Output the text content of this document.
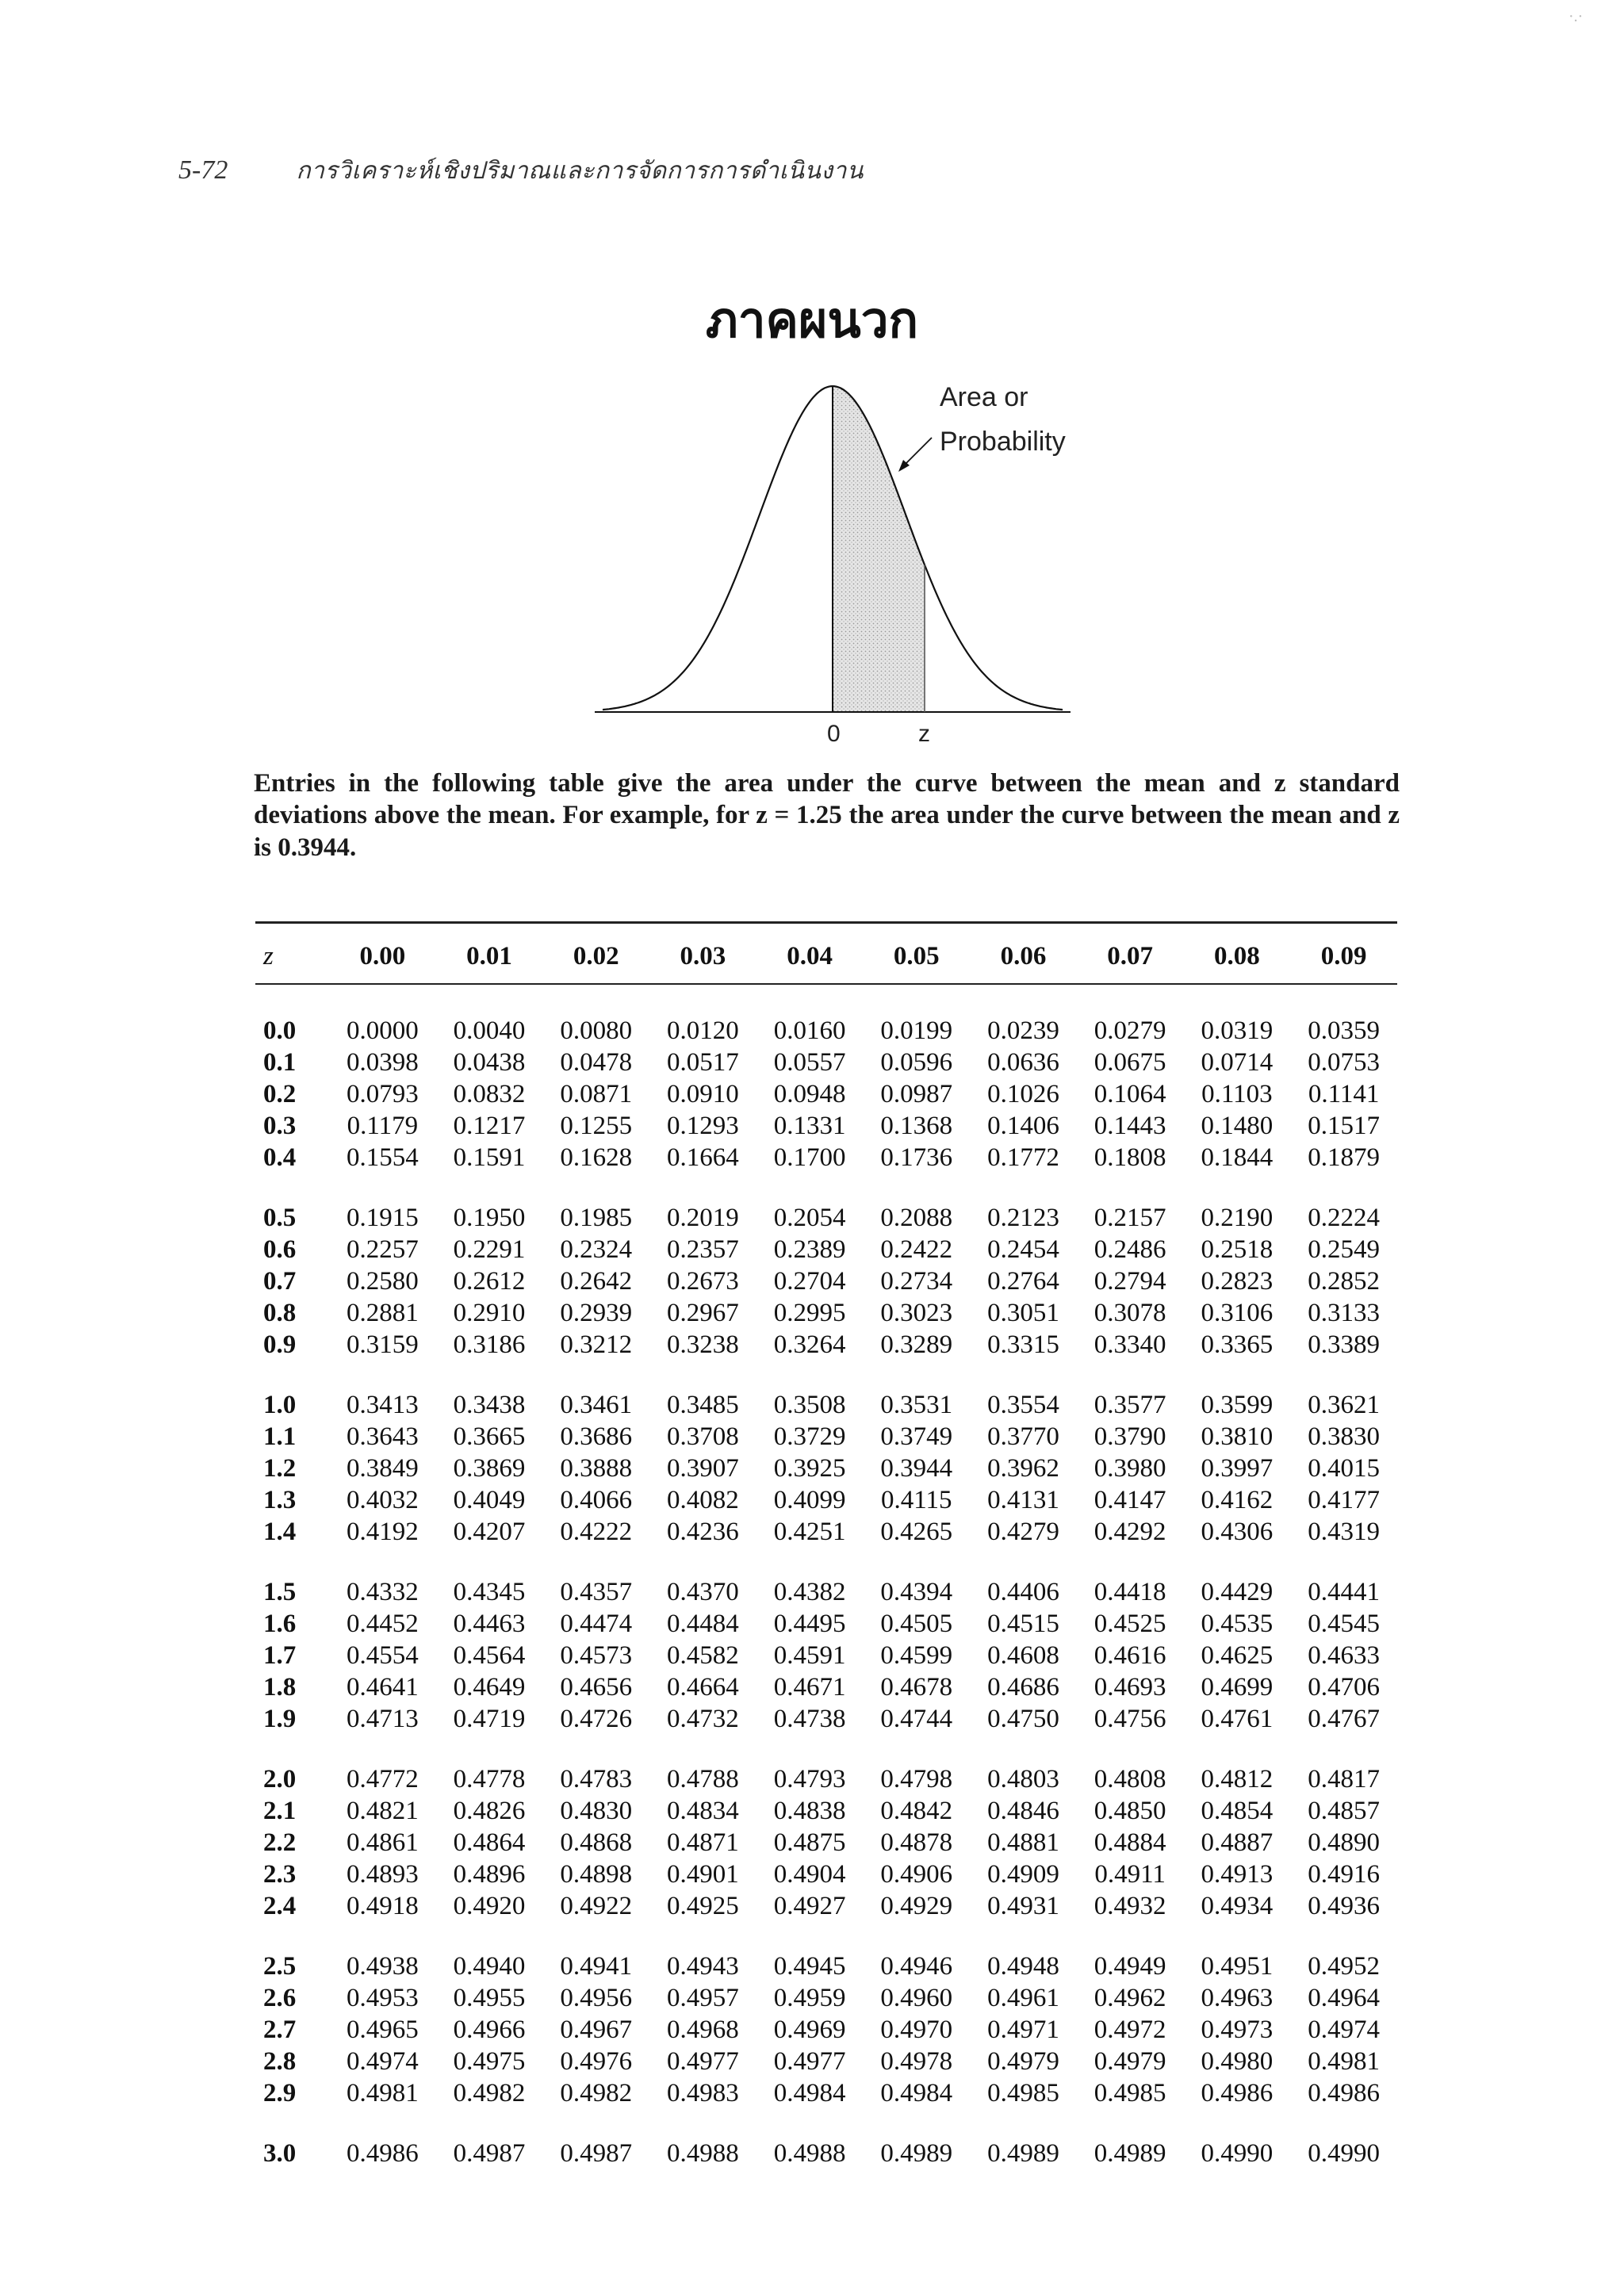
5-72	การวิเคราะห์เชิงปริมาณและการจัดการการดำเนินงาน
·.·
ภาคผนวก
Area or
Probability
0	z
Entries in the following table give the area under the curve between the mean and z standard deviations above the mean. For example, for z = 1.25 the area under the curve between the mean and z is 0.3944.
z	0.00	0.01	0.02	0.03	0.04	0.05	0.06	0.07	0.08	0.09

0.0	0.0000	0.0040	0.0080	0.0120	0.0160	0.0199	0.0239	0.0279	0.0319	0.0359
0.1	0.0398	0.0438	0.0478	0.0517	0.0557	0.0596	0.0636	0.0675	0.0714	0.0753
0.2	0.0793	0.0832	0.0871	0.0910	0.0948	0.0987	0.1026	0.1064	0.1103	0.1141
0.3	0.1179	0.1217	0.1255	0.1293	0.1331	0.1368	0.1406	0.1443	0.1480	0.1517
0.4	0.1554	0.1591	0.1628	0.1664	0.1700	0.1736	0.1772	0.1808	0.1844	0.1879

0.5	0.1915	0.1950	0.1985	0.2019	0.2054	0.2088	0.2123	0.2157	0.2190	0.2224
0.6	0.2257	0.2291	0.2324	0.2357	0.2389	0.2422	0.2454	0.2486	0.2518	0.2549
0.7	0.2580	0.2612	0.2642	0.2673	0.2704	0.2734	0.2764	0.2794	0.2823	0.2852
0.8	0.2881	0.2910	0.2939	0.2967	0.2995	0.3023	0.3051	0.3078	0.3106	0.3133
0.9	0.3159	0.3186	0.3212	0.3238	0.3264	0.3289	0.3315	0.3340	0.3365	0.3389

1.0	0.3413	0.3438	0.3461	0.3485	0.3508	0.3531	0.3554	0.3577	0.3599	0.3621
1.1	0.3643	0.3665	0.3686	0.3708	0.3729	0.3749	0.3770	0.3790	0.3810	0.3830
1.2	0.3849	0.3869	0.3888	0.3907	0.3925	0.3944	0.3962	0.3980	0.3997	0.4015
1.3	0.4032	0.4049	0.4066	0.4082	0.4099	0.4115	0.4131	0.4147	0.4162	0.4177
1.4	0.4192	0.4207	0.4222	0.4236	0.4251	0.4265	0.4279	0.4292	0.4306	0.4319

1.5	0.4332	0.4345	0.4357	0.4370	0.4382	0.4394	0.4406	0.4418	0.4429	0.4441
1.6	0.4452	0.4463	0.4474	0.4484	0.4495	0.4505	0.4515	0.4525	0.4535	0.4545
1.7	0.4554	0.4564	0.4573	0.4582	0.4591	0.4599	0.4608	0.4616	0.4625	0.4633
1.8	0.4641	0.4649	0.4656	0.4664	0.4671	0.4678	0.4686	0.4693	0.4699	0.4706
1.9	0.4713	0.4719	0.4726	0.4732	0.4738	0.4744	0.4750	0.4756	0.4761	0.4767

2.0	0.4772	0.4778	0.4783	0.4788	0.4793	0.4798	0.4803	0.4808	0.4812	0.4817
2.1	0.4821	0.4826	0.4830	0.4834	0.4838	0.4842	0.4846	0.4850	0.4854	0.4857
2.2	0.4861	0.4864	0.4868	0.4871	0.4875	0.4878	0.4881	0.4884	0.4887	0.4890
2.3	0.4893	0.4896	0.4898	0.4901	0.4904	0.4906	0.4909	0.4911	0.4913	0.4916
2.4	0.4918	0.4920	0.4922	0.4925	0.4927	0.4929	0.4931	0.4932	0.4934	0.4936

2.5	0.4938	0.4940	0.4941	0.4943	0.4945	0.4946	0.4948	0.4949	0.4951	0.4952
2.6	0.4953	0.4955	0.4956	0.4957	0.4959	0.4960	0.4961	0.4962	0.4963	0.4964
2.7	0.4965	0.4966	0.4967	0.4968	0.4969	0.4970	0.4971	0.4972	0.4973	0.4974
2.8	0.4974	0.4975	0.4976	0.4977	0.4977	0.4978	0.4979	0.4979	0.4980	0.4981
2.9	0.4981	0.4982	0.4982	0.4983	0.4984	0.4984	0.4985	0.4985	0.4986	0.4986

3.0	0.4986	0.4987	0.4987	0.4988	0.4988	0.4989	0.4989	0.4989	0.4990	0.4990
